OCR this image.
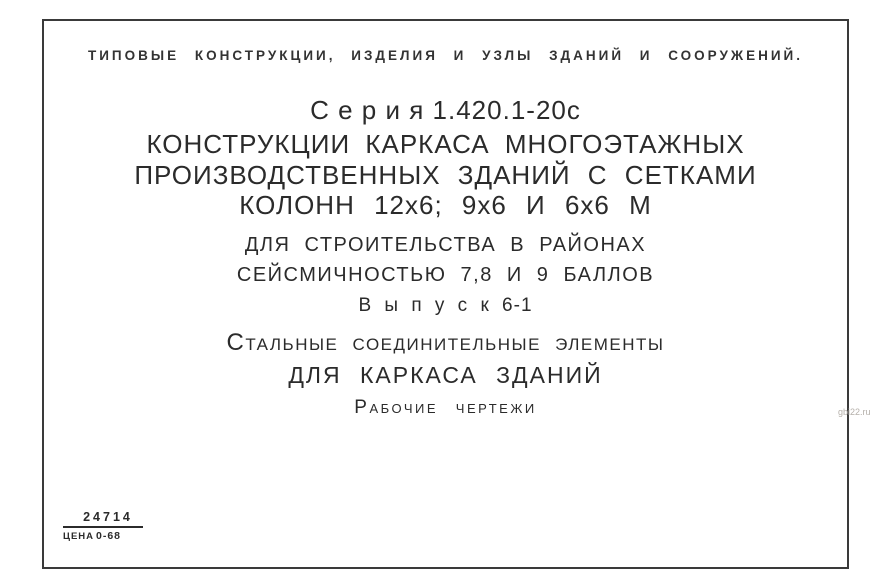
ТИПОВЫЕ КОНСТРУКЦИИ, ИЗДЕЛИЯ И УЗЛЫ ЗДАНИЙ И СООРУЖЕНИЙ.
С е р и я 1.420.1-20с
КОНСТРУКЦИИ КАРКАСА МНОГОЭТАЖНЫХ
ПРОИЗВОДСТВЕННЫХ ЗДАНИЙ С СЕТКАМИ
КОЛОНН 12х6; 9х6 И 6х6 М
ДЛЯ СТРОИТЕЛЬСТВА В РАЙОНАХ
СЕЙСМИЧНОСТЬЮ 7,8 И 9 БАЛЛОВ
В ы п у с к 6-1
Стальные соединительные элементы
ДЛЯ КАРКАСА ЗДАНИЙ
Рабочие чертежи
24714
ЦЕНА 0-68
gbi22.ru
